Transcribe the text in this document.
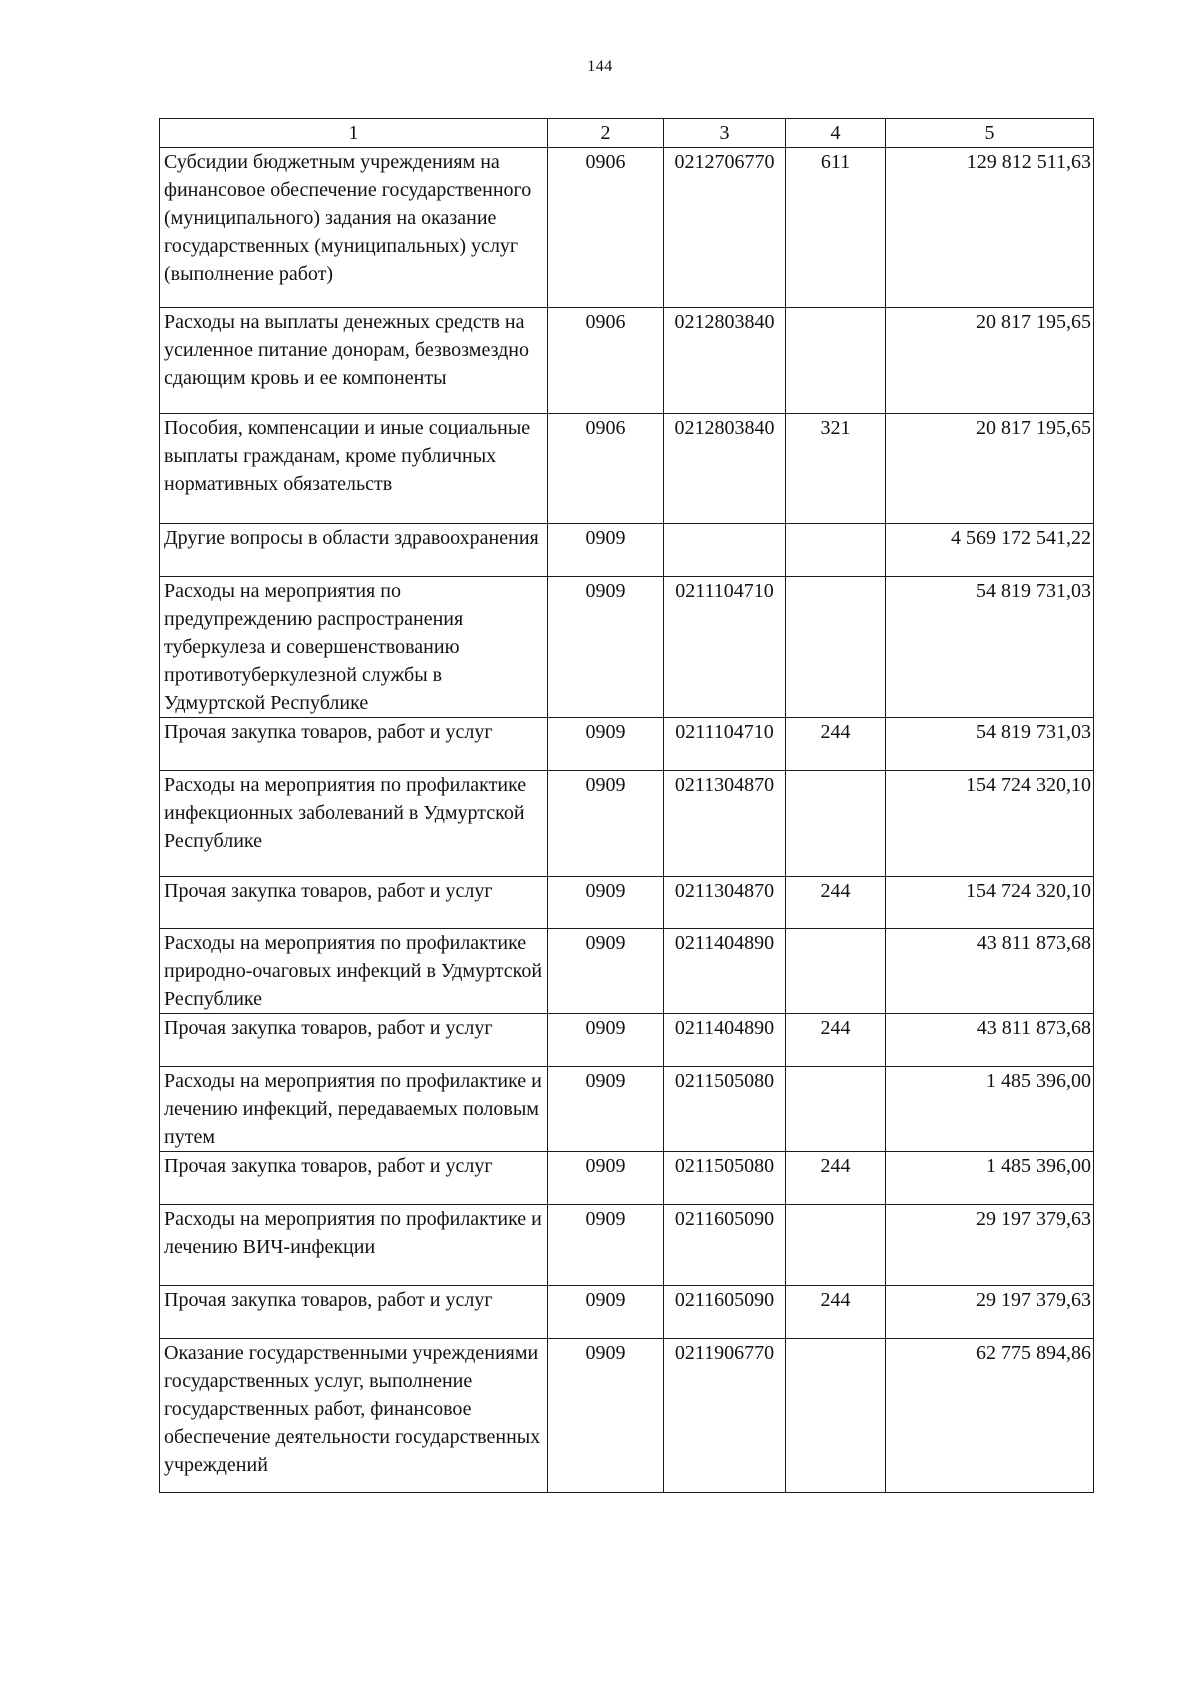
144
1	2	3	4	5
Субсидии бюджетным учреждениям на финансовое обеспечение государственного (муниципального) задания на оказание государственных (муниципальных) услуг (выполнение работ)	0906	0212706770	611	129 812 511,63
Расходы на выплаты денежных средств на усиленное питание донорам, безвозмездно сдающим кровь и ее компоненты	0906	0212803840		20 817 195,65
Пособия, компенсации и иные социальные выплаты гражданам, кроме публичных нормативных обязательств	0906	0212803840	321	20 817 195,65
Другие вопросы в области здравоохранения	0909			4 569 172 541,22
Расходы на мероприятия по предупреждению распространения туберкулеза и совершенствованию противотуберкулезной службы в Удмуртской Республике	0909	0211104710		54 819 731,03
Прочая закупка товаров, работ и услуг	0909	0211104710	244	54 819 731,03
Расходы на мероприятия по профилактике инфекционных заболеваний в Удмуртской Республике	0909	0211304870		154 724 320,10
Прочая закупка товаров, работ и услуг	0909	0211304870	244	154 724 320,10
Расходы на мероприятия по профилактике природно-очаговых инфекций в Удмуртской Республике	0909	0211404890		43 811 873,68
Прочая закупка товаров, работ и услуг	0909	0211404890	244	43 811 873,68
Расходы на мероприятия по профилактике и лечению инфекций, передаваемых половым путем	0909	0211505080		1 485 396,00
Прочая закупка товаров, работ и услуг	0909	0211505080	244	1 485 396,00
Расходы на мероприятия по профилактике и лечению ВИЧ-инфекции	0909	0211605090		29 197 379,63
Прочая закупка товаров, работ и услуг	0909	0211605090	244	29 197 379,63
Оказание государственными учреждениями государственных услуг, выполнение государственных работ, финансовое обеспечение деятельности государственных учреждений	0909	0211906770		62 775 894,86
